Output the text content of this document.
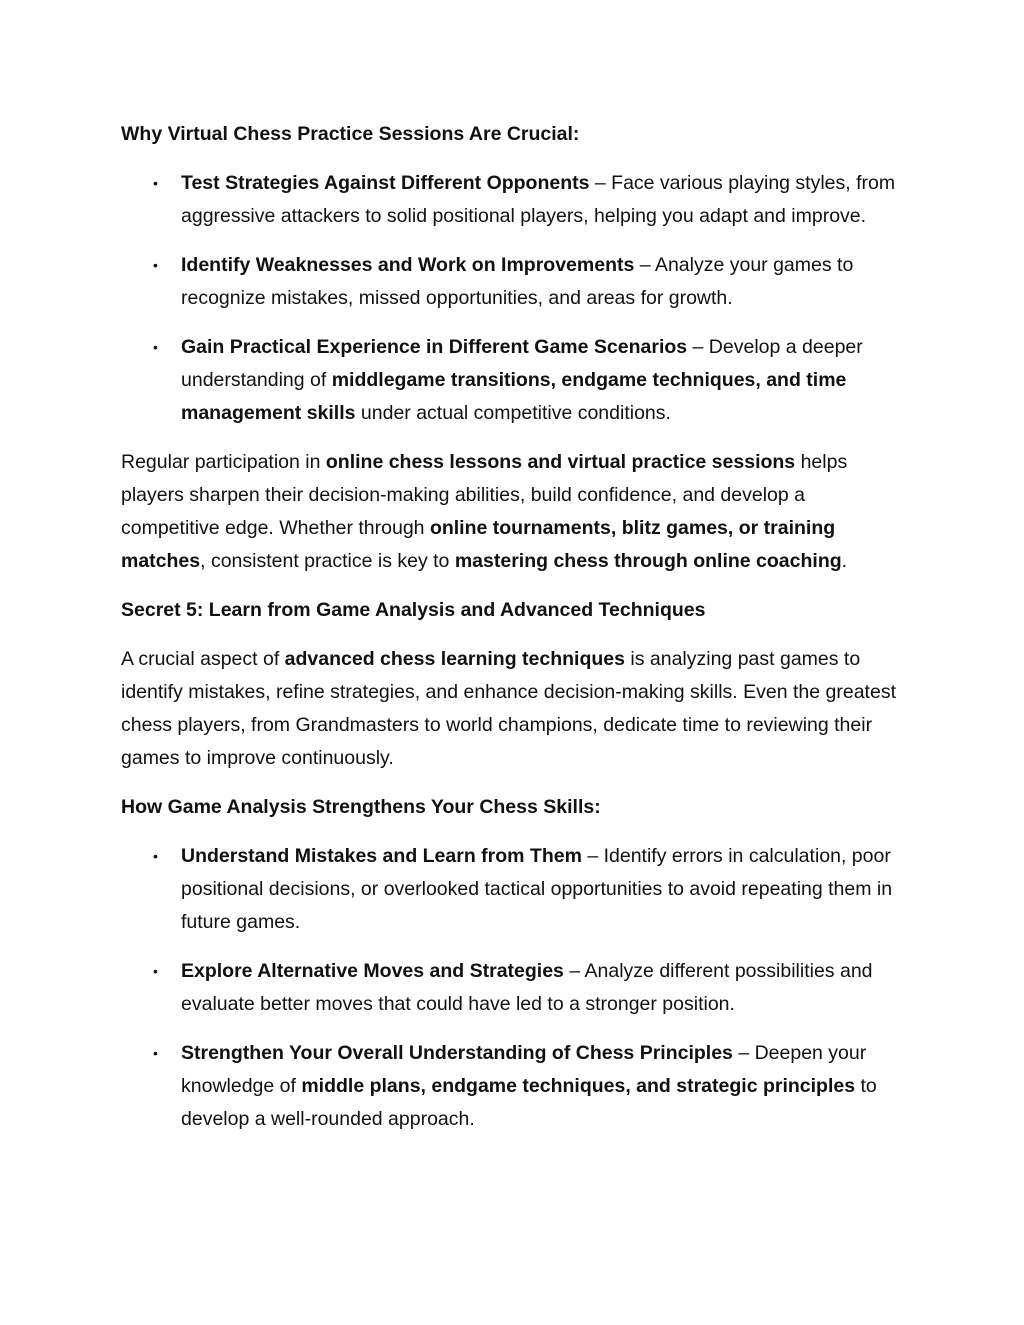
Why Virtual Chess Practice Sessions Are Crucial:
• Test Strategies Against Different Opponents – Face various playing styles, from aggressive attackers to solid positional players, helping you adapt and improve.
• Identify Weaknesses and Work on Improvements – Analyze your games to recognize mistakes, missed opportunities, and areas for growth.
• Gain Practical Experience in Different Game Scenarios – Develop a deeper understanding of middlegame transitions, endgame techniques, and time management skills under actual competitive conditions.

Regular participation in online chess lessons and virtual practice sessions helps players sharpen their decision-making abilities, build confidence, and develop a competitive edge. Whether through online tournaments, blitz games, or training matches, consistent practice is key to mastering chess through online coaching.

Secret 5: Learn from Game Analysis and Advanced Techniques

A crucial aspect of advanced chess learning techniques is analyzing past games to identify mistakes, refine strategies, and enhance decision-making skills. Even the greatest chess players, from Grandmasters to world champions, dedicate time to reviewing their games to improve continuously.

How Game Analysis Strengthens Your Chess Skills:
• Understand Mistakes and Learn from Them – Identify errors in calculation, poor positional decisions, or overlooked tactical opportunities to avoid repeating them in future games.
• Explore Alternative Moves and Strategies – Analyze different possibilities and evaluate better moves that could have led to a stronger position.
• Strengthen Your Overall Understanding of Chess Principles – Deepen your knowledge of middle plans, endgame techniques, and strategic principles to develop a well-rounded approach.
